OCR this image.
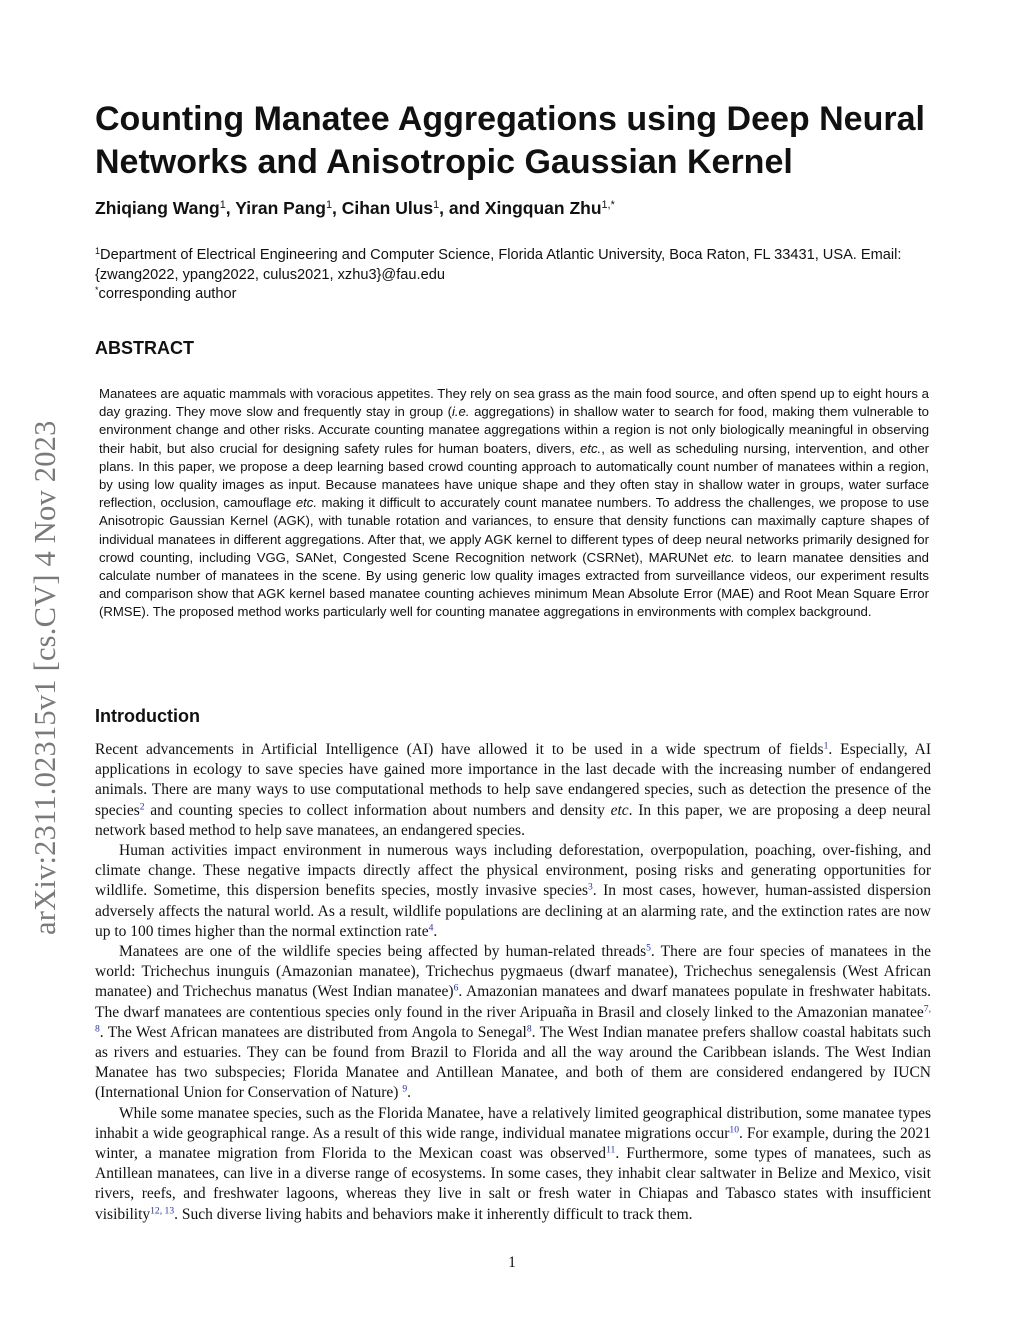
arXiv:2311.02315v1 [cs.CV] 4 Nov 2023
Counting Manatee Aggregations using Deep Neural Networks and Anisotropic Gaussian Kernel
Zhiqiang Wang$^1$, Yiran Pang$^1$, Cihan Ulus$^1$, and Xingquan Zhu$^{1,*}$
$^1$Department of Electrical Engineering and Computer Science, Florida Atlantic University, Boca Raton, FL 33431, USA. Email: {zwang2022, ypang2022, culus2021, xzhu3}@fau.edu
*corresponding author
ABSTRACT

Manatees are aquatic mammals with voracious appetites. They rely on sea grass as the main food source, and often spend up to eight hours a day grazing. They move slow and frequently stay in group (i.e. aggregations) in shallow water to search for food, making them vulnerable to environment change and other risks. Accurate counting manatee aggregations within a region is not only biologically meaningful in observing their habit, but also crucial for designing safety rules for human boaters, divers, etc., as well as scheduling nursing, intervention, and other plans. In this paper, we propose a deep learning based crowd counting approach to automatically count number of manatees within a region, by using low quality images as input. Because manatees have unique shape and they often stay in shallow water in groups, water surface reflection, occlusion, camouflage etc. making it difficult to accurately count manatee numbers. To address the challenges, we propose to use Anisotropic Gaussian Kernel (AGK), with tunable rotation and variances, to ensure that density functions can maximally capture shapes of individual manatees in different aggregations. After that, we apply AGK kernel to different types of deep neural networks primarily designed for crowd counting, including VGG, SANet, Congested Scene Recognition network (CSRNet), MARUNet etc. to learn manatee densities and calculate number of manatees in the scene. By using generic low quality images extracted from surveillance videos, our experiment results and comparison show that AGK kernel based manatee counting achieves minimum Mean Absolute Error (MAE) and Root Mean Square Error (RMSE). The proposed method works particularly well for counting manatee aggregations in environments with complex background.

Introduction

Recent advancements in Artificial Intelligence (AI) have allowed it to be used in a wide spectrum of fields$^1$. Especially, AI applications in ecology to save species have gained more importance in the last decade with the increasing number of endangered animals. There are many ways to use computational methods to help save endangered species, such as detection the presence of the species$^2$ and counting species to collect information about numbers and density etc. In this paper, we are proposing a deep neural network based method to help save manatees, an endangered species.

Human activities impact environment in numerous ways including deforestation, overpopulation, poaching, over-fishing, and climate change. These negative impacts directly affect the physical environment, posing risks and generating opportunities for wildlife. Sometime, this dispersion benefits species, mostly invasive species$^3$. In most cases, however, human-assisted dispersion adversely affects the natural world. As a result, wildlife populations are declining at an alarming rate, and the extinction rates are now up to 100 times higher than the normal extinction rate$^4$.

Manatees are one of the wildlife species being affected by human-related threads$^5$. There are four species of manatees in the world: Trichechus inunguis (Amazonian manatee), Trichechus pygmaeus (dwarf manatee), Trichechus senegalensis (West African manatee) and Trichechus manatus (West Indian manatee)$^6$. Amazonian manatees and dwarf manatees populate in freshwater habitats. The dwarf manatees are contentious species only found in the river Aripuaña in Brasil and closely linked to the Amazonian manatee$^{7, 8}$. The West African manatees are distributed from Angola to Senegal$^8$. The West Indian manatee prefers shallow coastal habitats such as rivers and estuaries. They can be found from Brazil to Florida and all the way around the Caribbean islands. The West Indian Manatee has two subspecies; Florida Manatee and Antillean Manatee, and both of them are considered endangered by IUCN (International Union for Conservation of Nature) $^9$.

While some manatee species, such as the Florida Manatee, have a relatively limited geographical distribution, some manatee types inhabit a wide geographical range. As a result of this wide range, individual manatee migrations occur$^{10}$. For example, during the 2021 winter, a manatee migration from Florida to the Mexican coast was observed$^{11}$. Furthermore, some types of manatees, such as Antillean manatees, can live in a diverse range of ecosystems. In some cases, they inhabit clear saltwater in Belize and Mexico, visit rivers, reefs, and freshwater lagoons, whereas they live in salt or fresh water in Chiapas and Tabasco states with insufficient visibility$^{12, 13}$. Such diverse living habits and behaviors make it inherently difficult to track them.

1
